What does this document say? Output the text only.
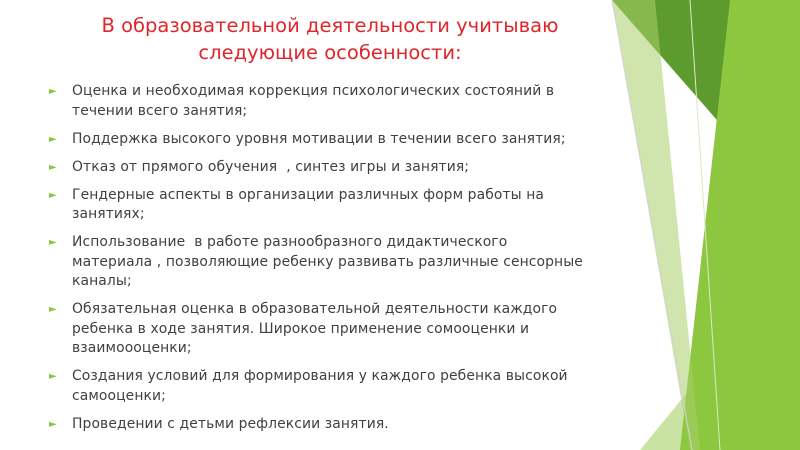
В образовательной деятельности учитываю
следующие особенности:
► Оценка и необходимая коррекция психологических состояний в
течении всего занятия;
► Поддержка высокого уровня мотивации в течении всего занятия;
► Отказ от прямого обучения  , синтез игры и занятия;
► Гендерные аспекты в организации различных форм работы на
занятиях;
► Использование  в работе разнообразного дидактического
материала , позволяющие ребенку развивать различные сенсорные
каналы;
► Обязательная оценка в образовательной деятельности каждого
ребенка в ходе занятия. Широкое применение сомооценки и
взаимоооценки;
► Создания условий для формирования у каждого ребенка высокой
самооценки;
► Проведении с детьми рефлексии занятия.
